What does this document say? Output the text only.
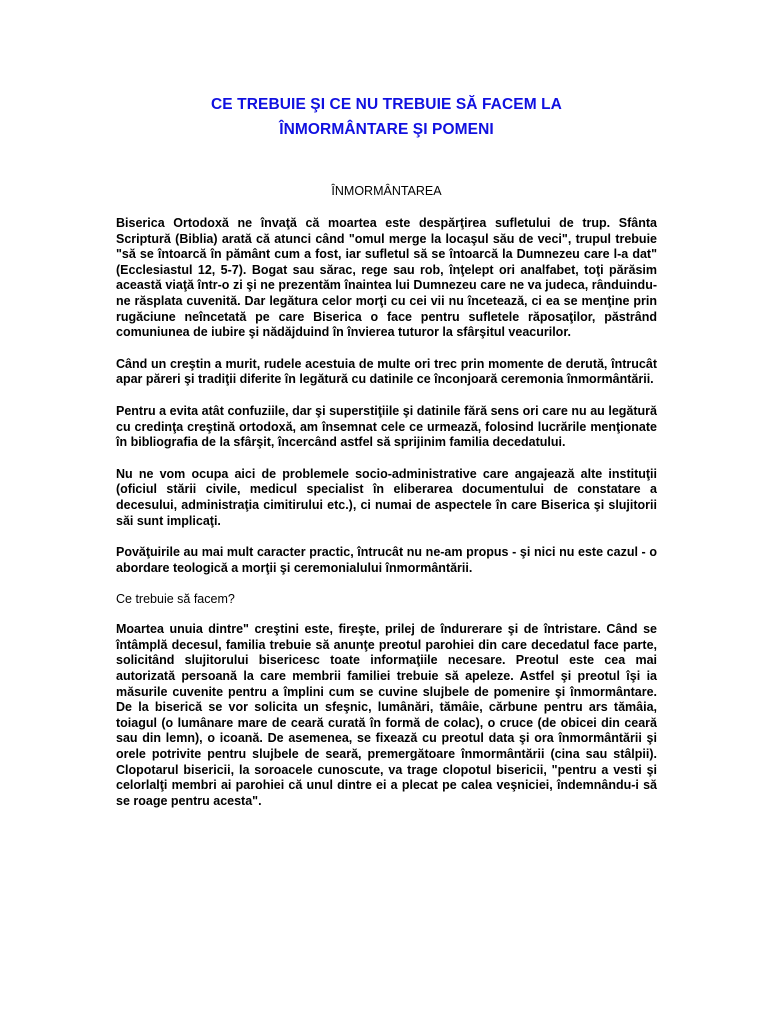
CE TREBUIE ŞI CE NU TREBUIE SĂ FACEM LA
ÎNMORMÂNTARE ŞI POMENI
ÎNMORMÂNTAREA

Biserica Ortodoxă ne învaţă că moartea este despărţirea sufletului de trup. Sfânta Scriptură (Biblia) arată că atunci când "omul merge la locaşul său de veci", trupul trebuie "să se întoarcă în pământ cum a fost, iar sufletul să se întoarcă la Dumnezeu care l-a dat" (Ecclesiastul 12, 5-7). Bogat sau sărac, rege sau rob, înţelept ori analfabet, toţi părăsim această viaţă într-o zi şi ne prezentăm înaintea lui Dumnezeu care ne va judeca, rânduindu-ne răsplata cuvenită. Dar legătura celor morţi cu cei vii nu încetează, ci ea se menţine prin rugăciune neîncetată pe care Biserica o face pentru sufletele răposaţilor, păstrând comuniunea de iubire şi nădăjduind în învierea tuturor la sfârşitul veacurilor.

Când un creştin a murit, rudele acestuia de multe ori trec prin momente de derută, întrucât apar păreri şi tradiţii diferite în legătură cu datinile ce înconjoară ceremonia înmormântării.

Pentru a evita atât confuziile, dar şi superstiţiile şi datinile fără sens ori care nu au legătură cu credinţa creştină ortodoxă, am însemnat cele ce urmează, folosind lucrările menţionate în bibliografia de la sfârşit, încercând astfel să sprijinim familia decedatului.

Nu ne vom ocupa aici de problemele socio-administrative care angajează alte instituţii (oficiul stării civile, medicul specialist în eliberarea documentului de constatare a decesului, administraţia cimitirului etc.), ci numai de aspectele în care Biserica şi slujitorii săi sunt implicaţi.

Povăţuirile au mai mult caracter practic, întrucât nu ne-am propus - şi nici nu este cazul - o abordare teologică a morţii şi ceremonialului înmormântării.

Ce trebuie să facem?

Moartea unuia dintre" creştini este, fireşte, prilej de îndurerare şi de întristare. Când se întâmplă decesul, familia trebuie să anunţe preotul parohiei din care decedatul face parte, solicitând slujitorului bisericesc toate informaţiile necesare. Preotul este cea mai autorizată persoană la care membrii familiei trebuie să apeleze. Astfel şi preotul îşi ia măsurile cuvenite pentru a împlini cum se cuvine slujbele de pomenire şi înmormântare. De la biserică se vor solicita un sfeşnic, lumânări, tămâie, cărbune pentru ars tămâia, toiagul (o lumânare mare de ceară curată în formă de colac), o cruce (de obicei din ceară sau din lemn), o icoană. De asemenea, se fixează cu preotul data şi ora înmormântării şi orele potrivite pentru slujbele de seară, premergătoare înmormântării (cina sau stâlpii). Clopotarul bisericii, la soroacele cunoscute, va trage clopotul bisericii, "pentru a vesti şi celorlalţi membri ai parohiei că unul dintre ei a plecat pe calea veşniciei, îndemnându-i să se roage pentru acesta".
